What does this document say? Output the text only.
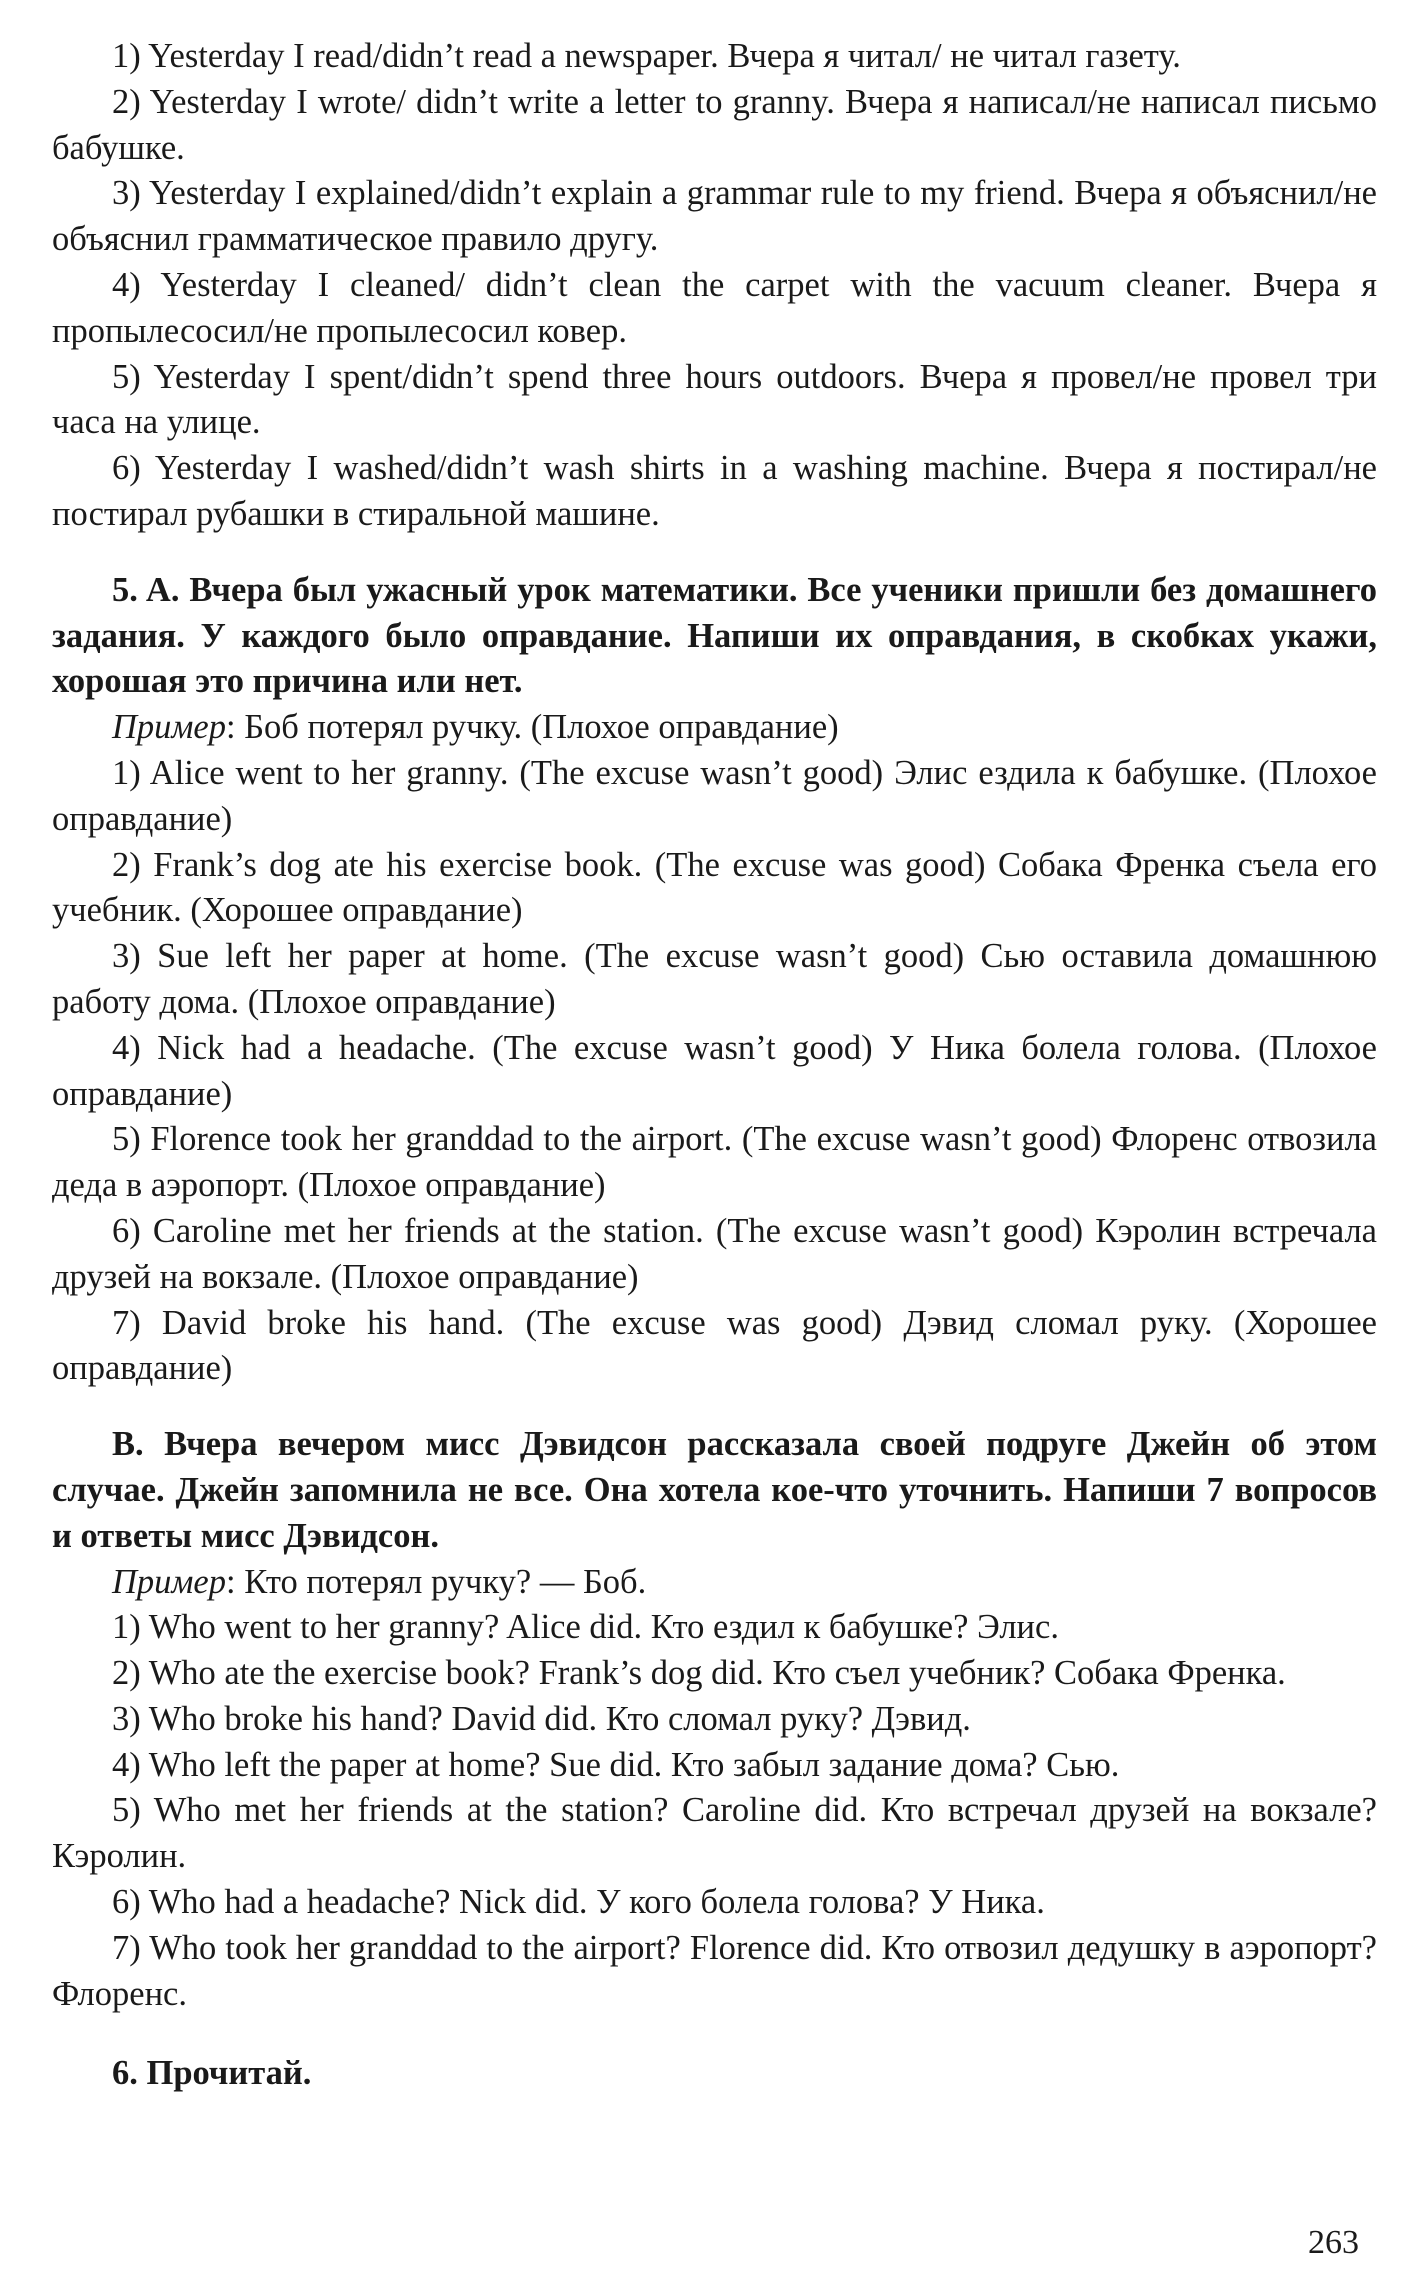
1) Yesterday I read/didn’t read a newspaper. Вчера я читал/ не читал газету.

2) Yesterday I wrote/ didn’t write a letter to granny. Вчера я написал/не написал письмо бабушке.

3) Yesterday I explained/didn’t explain a grammar rule to my friend. Вчера я объяснил/не объяснил грамматическое правило другу.

4) Yesterday I cleaned/ didn’t clean the carpet with the vacuum cleaner. Вчера я пропылесосил/не пропылесосил ковер.

5) Yesterday I spent/didn’t spend three hours outdoors. Вчера я провел/не провел три часа на улице.

6) Yesterday I washed/didn’t wash shirts in a washing machine. Вчера я постирал/не постирал рубашки в стиральной машине.

5. A. Вчера был ужасный урок математики. Все ученики пришли без домашнего задания. У каждого было оправдание. Напиши их оправдания, в скобках укажи, хорошая это причина или нет.

Пример: Боб потерял ручку. (Плохое оправдание)

1) Alice went to her granny. (The excuse wasn’t good) Элис ездила к бабушке. (Плохое оправдание)

2) Frank’s dog ate his exercise book. (The excuse was good) Собака Френка съела его учебник. (Хорошее оправдание)

3) Sue left her paper at home. (The excuse wasn’t good) Сью оставила домашнюю работу дома. (Плохое оправдание)

4) Nick had a headache. (The excuse wasn’t good) У Ника болела голова. (Плохое оправдание)

5) Florence took her granddad to the airport. (The excuse wasn’t good) Флоренс отвозила деда в аэропорт. (Плохое оправдание)

6) Caroline met her friends at the station. (The excuse wasn’t good) Кэролин встречала друзей на вокзале. (Плохое оправдание)

7) David broke his hand. (The excuse was good) Дэвид сломал руку. (Хорошее оправдание)

B. Вчера вечером мисс Дэвидсон рассказала своей подруге Джейн об этом случае. Джейн запомнила не все. Она хотела кое-что уточнить. Напиши 7 вопросов и ответы мисс Дэвидсон.

Пример: Кто потерял ручку? — Боб.

1) Who went to her granny? Alice did. Кто ездил к бабушке? Элис.

2) Who ate the exercise book? Frank’s dog did. Кто съел учебник? Собака Френка.

3) Who broke his hand? David did. Кто сломал руку? Дэвид.

4) Who left the paper at home? Sue did. Кто забыл задание дома? Сью.

5) Who met her friends at the station? Caroline did. Кто встречал друзей на вокзале? Кэролин.

6) Who had a headache? Nick did. У кого болела голова? У Ника.

7) Who took her granddad to the airport? Florence did. Кто отвозил дедушку в аэропорт? Флоренс.

6. Прочитай.

263
